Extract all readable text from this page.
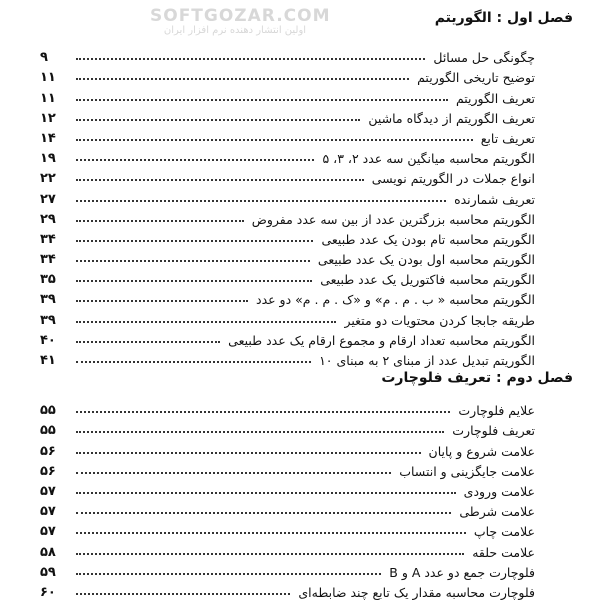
SOFTGOZAR.COM
اولین انتشار دهنده نرم افزار ایران
فصل اول : الگوریتم
چگونگی حل مسائل
۹
توضیح تاریخی الگوریتم
۱۱
تعریف الگوریتم
۱۱
تعریف الگوریتم از دیدگاه ماشین
۱۲
تعریف تابع
۱۴
الگوریتم محاسبه میانگین سه عدد ۲، ۳، ۵
۱۹
انواع جملات در الگوریتم نویسی
۲۲
تعریف شمارنده
۲۷
الگوریتم محاسبه بزرگترین عدد از بین سه عدد مفروض
۲۹
الگوریتم محاسبه تام بودن یک عدد طبیعی
۳۴
الگوریتم محاسبه اول بودن یک عدد طبیعی
۳۴
الگوریتم محاسبه فاکتوریل یک عدد طبیعی
۳۵
الگوریتم محاسبه « ب . م . م» و «ک . م . م» دو عدد
۳۹
طریقه جابجا کردن محتویات دو متغیر
۳۹
الگوریتم محاسبه تعداد ارقام و مجموع ارقام یک عدد طبیعی
۴۰
الگوریتم تبدیل عدد از مبنای ۲ به مبنای ۱۰
۴۱
فصل دوم : تعریف فلوچارت
علایم فلوچارت
۵۵
تعریف فلوچارت
۵۵
علامت شروع و پایان
۵۶
علامت جایگزینی و انتساب
۵۶
علامت ورودی
۵۷
علامت شرطی
۵۷
علامت چاپ
۵۷
علامت حلقه
۵۸
فلوچارت جمع دو عدد A و B
۵۹
فلوچارت محاسبه مقدار یک تابع چند ضابطه‌ای
۶۰
